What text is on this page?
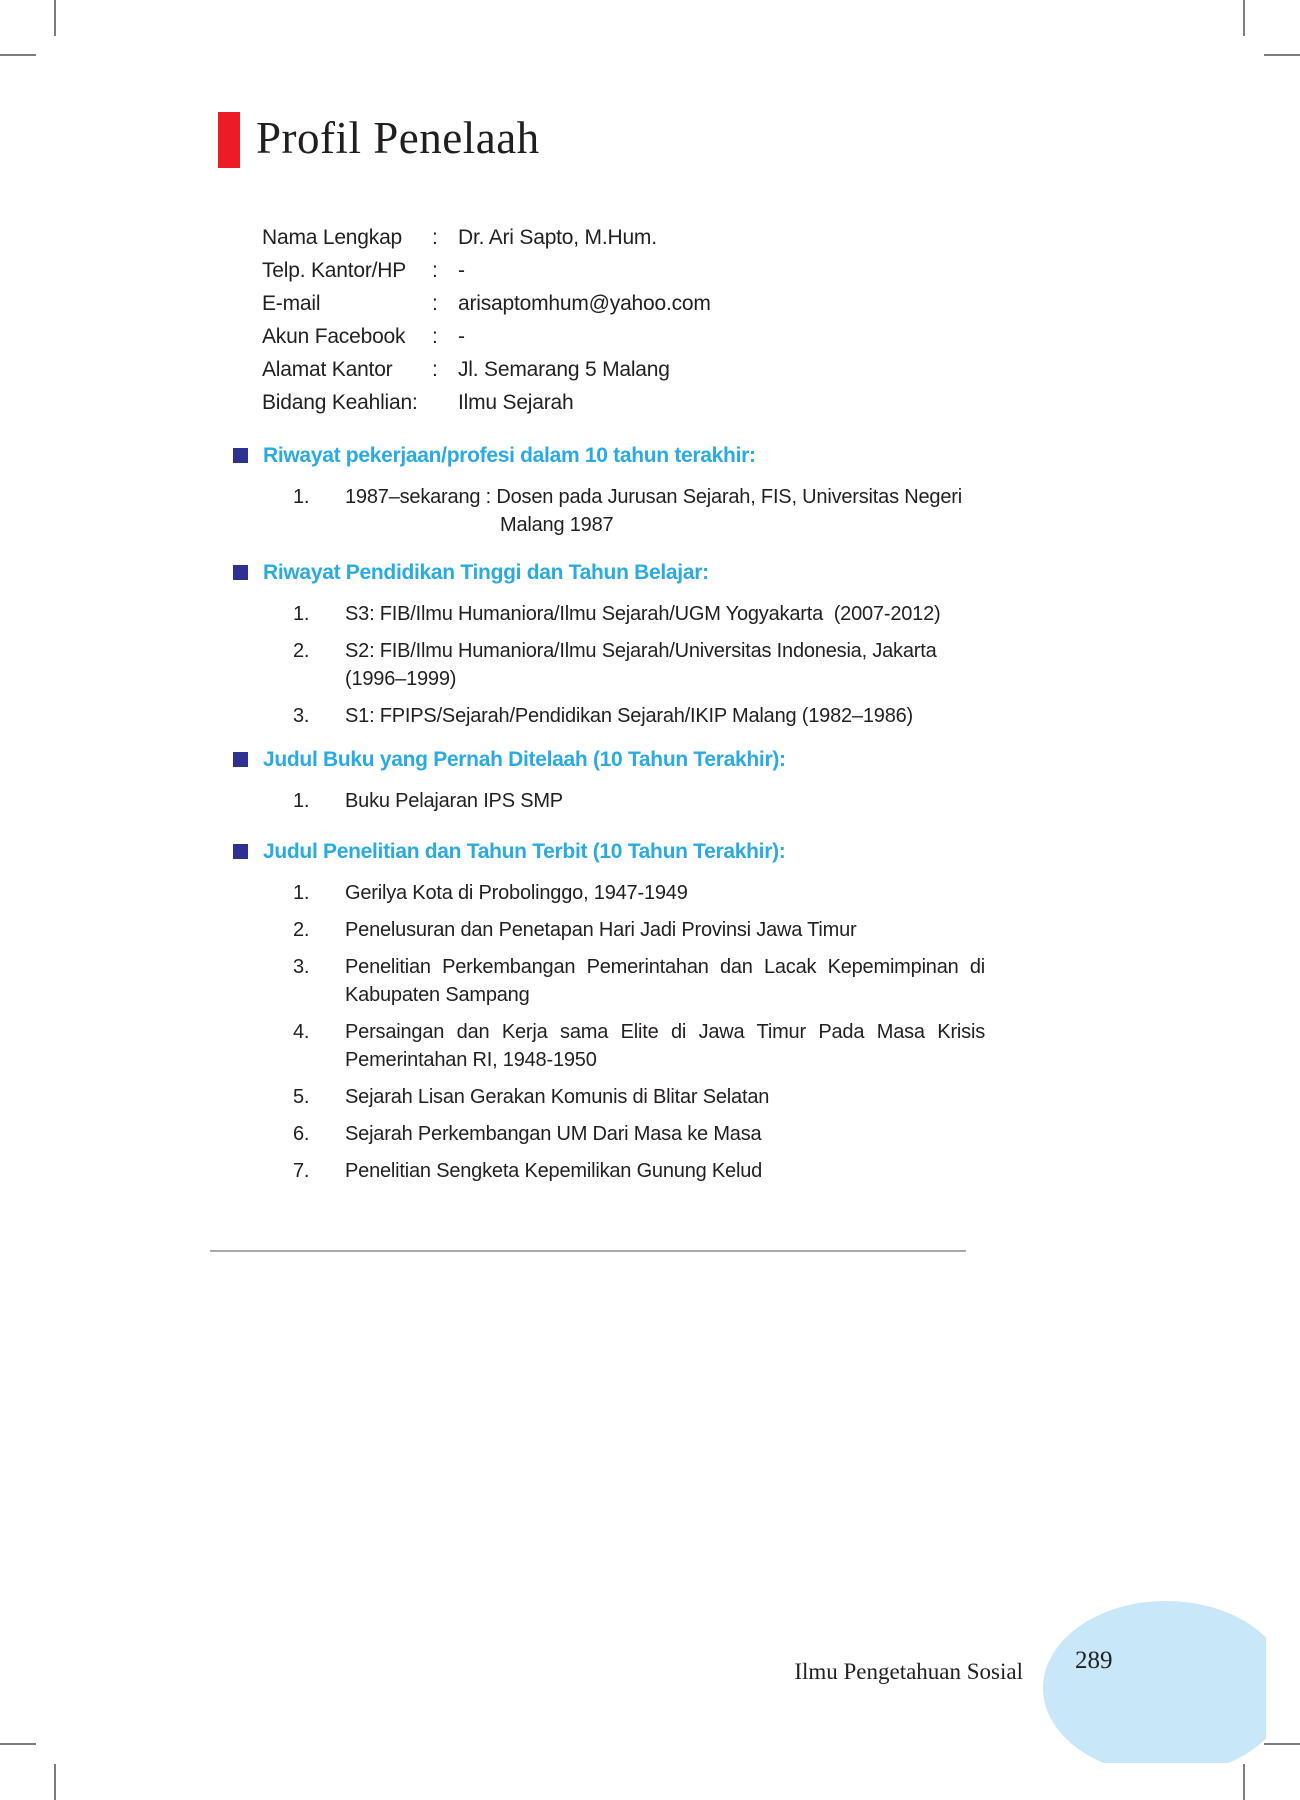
289
Profil Penelaah
Nama Lengkap	: Dr. Ari Sapto, M.Hum.
Telp. Kantor/HP	: -
E-mail	: arisaptomhum@yahoo.com
Akun Facebook	: -
Alamat Kantor	: Jl. Semarang 5 Malang
Bidang Keahlian:	Ilmu Sejarah
Riwayat pekerjaan/profesi dalam 10 tahun terakhir:
1.	1987–sekarang : Dosen pada Jurusan Sejarah, FIS, Universitas Negeri
Malang 1987
Riwayat Pendidikan Tinggi dan Tahun Belajar:
1.	S3: FIB/Ilmu Humaniora/Ilmu Sejarah/UGM Yogyakarta  (2007-2012)
2.	S2: FIB/Ilmu Humaniora/Ilmu Sejarah/Universitas Indonesia, Jakarta
(1996–1999)
3.	S1: FPIPS/Sejarah/Pendidikan Sejarah/IKIP Malang (1982–1986)
Judul Buku yang Pernah Ditelaah (10 Tahun Terakhir):
1.	Buku Pelajaran IPS SMP
Judul Penelitian dan Tahun Terbit (10 Tahun Terakhir):
1.	Gerilya Kota di Probolinggo, 1947-1949
2.	Penelusuran dan Penetapan Hari Jadi Provinsi Jawa Timur
3.	Penelitian Perkembangan Pemerintahan dan Lacak Kepemimpinan di
Kabupaten Sampang
4.	Persaingan dan Kerja sama Elite di Jawa Timur Pada Masa Krisis
Pemerintahan RI, 1948-1950
5.	Sejarah Lisan Gerakan Komunis di Blitar Selatan
6.	Sejarah Perkembangan UM Dari Masa ke Masa
7.	Penelitian Sengketa Kepemilikan Gunung Kelud
Ilmu Pengetahuan Sosial
